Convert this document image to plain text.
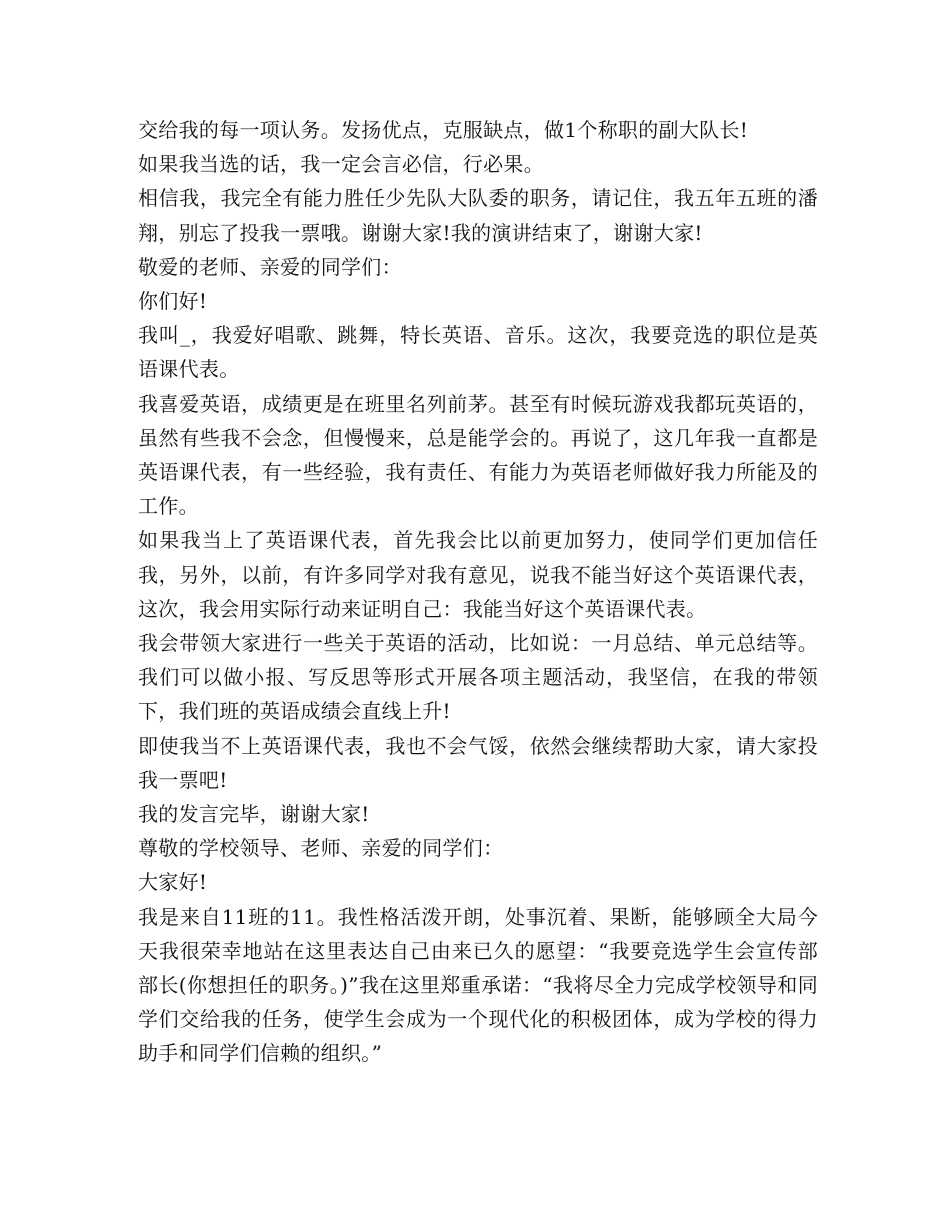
交给我的每一项认务。发扬优点，克服缺点，做1个称职的副大队长!

如果我当选的话，我一定会言必信，行必果。

相信我，我完全有能力胜任少先队大队委的职务，请记住，我五年五班的潘翔，别忘了投我一票哦。谢谢大家!我的演讲结束了，谢谢大家!

敬爱的老师、亲爱的同学们：

你们好!

我叫_，我爱好唱歌、跳舞，特长英语、音乐。这次，我要竞选的职位是英语课代表。

我喜爱英语，成绩更是在班里名列前茅。甚至有时候玩游戏我都玩英语的，虽然有些我不会念，但慢慢来，总是能学会的。再说了，这几年我一直都是英语课代表，有一些经验，我有责任、有能力为英语老师做好我力所能及的工作。

如果我当上了英语课代表，首先我会比以前更加努力，使同学们更加信任我，另外，以前，有许多同学对我有意见，说我不能当好这个英语课代表，这次，我会用实际行动来证明自己：我能当好这个英语课代表。

我会带领大家进行一些关于英语的活动，比如说：一月总结、单元总结等。我们可以做小报、写反思等形式开展各项主题活动，我坚信，在我的带领下，我们班的英语成绩会直线上升!

即使我当不上英语课代表，我也不会气馁，依然会继续帮助大家，请大家投我一票吧!

我的发言完毕，谢谢大家!

尊敬的学校领导、老师、亲爱的同学们：

大家好!

我是来自11班的11。我性格活泼开朗，处事沉着、果断，能够顾全大局今天我很荣幸地站在这里表达自己由来已久的愿望：“我要竞选学生会宣传部部长(你想担任的职务。)”我在这里郑重承诺：“我将尽全力完成学校领导和同学们交给我的任务，使学生会成为一个现代化的积极团体，成为学校的得力助手和同学们信赖的组织。”
